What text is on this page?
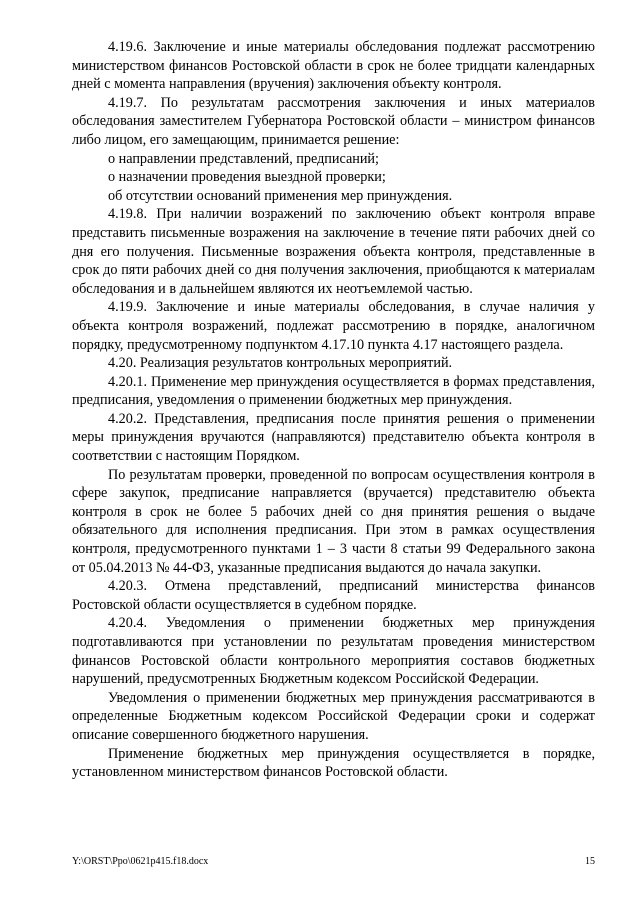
4.19.6. Заключение и иные материалы обследования подлежат рассмотрению министерством финансов Ростовской области в срок не более тридцати календарных дней с момента направления (вручения) заключения объекту контроля.

4.19.7. По результатам рассмотрения заключения и иных материалов обследования заместителем Губернатора Ростовской области – министром финансов либо лицом, его замещающим, принимается решение:

о направлении представлений, предписаний;

о назначении проведения выездной проверки;

об отсутствии оснований применения мер принуждения.

4.19.8. При наличии возражений по заключению объект контроля вправе представить письменные возражения на заключение в течение пяти рабочих дней со дня его получения. Письменные возражения объекта контроля, представленные в срок до пяти рабочих дней со дня получения заключения, приобщаются к материалам обследования и в дальнейшем являются их неотъемлемой частью.

4.19.9. Заключение и иные материалы обследования, в случае наличия у объекта контроля возражений, подлежат рассмотрению в порядке, аналогичном порядку, предусмотренному подпунктом 4.17.10 пункта 4.17 настоящего раздела.

4.20. Реализация результатов контрольных мероприятий.

4.20.1. Применение мер принуждения осуществляется в формах представления, предписания, уведомления о применении бюджетных мер принуждения.

4.20.2. Представления, предписания после принятия решения о применении меры принуждения вручаются (направляются) представителю объекта контроля в соответствии с настоящим Порядком.

По результатам проверки, проведенной по вопросам осуществления контроля в сфере закупок, предписание направляется (вручается) представителю объекта контроля в срок не более 5 рабочих дней со дня принятия решения о выдаче обязательного для исполнения предписания. При этом в рамках осуществления контроля, предусмотренного пунктами 1 – 3 части 8 статьи 99 Федерального закона от 05.04.2013 № 44-ФЗ, указанные предписания выдаются до начала закупки.

4.20.3. Отмена представлений, предписаний министерства финансов Ростовской области осуществляется в судебном порядке.

4.20.4. Уведомления о применении бюджетных мер принуждения подготавливаются при установлении по результатам проведения министерством финансов Ростовской области контрольного мероприятия составов бюджетных нарушений, предусмотренных Бюджетным кодексом Российской Федерации.

Уведомления о применении бюджетных мер принуждения рассматриваются в определенные Бюджетным кодексом Российской Федерации сроки и содержат описание совершенного бюджетного нарушения.

Применение бюджетных мер принуждения осуществляется в порядке, установленном министерством финансов Ростовской области.

Y:\ORST\Ppo\0621p415.f18.docx	15
